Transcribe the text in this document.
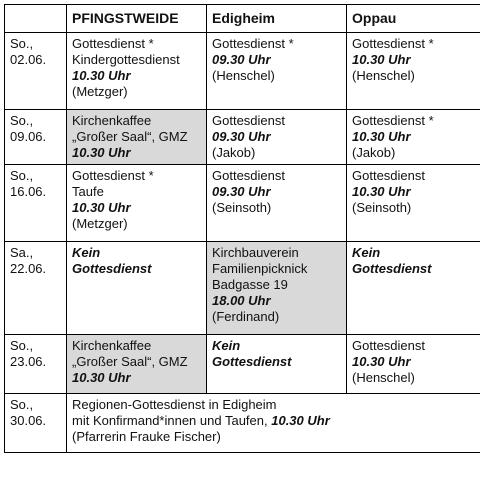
	PFINGSTWEIDE	Edigheim	Oppau

So.,
02.06.	Gottesdienst *
Kindergottesdienst
10.30 Uhr
(Metzger)	Gottesdienst *
09.30 Uhr
(Henschel)	Gottesdienst *
10.30 Uhr
(Henschel)

So.,
09.06.	Kirchenkaffee
„Großer Saal“, GMZ
10.30 Uhr	Gottesdienst
09.30 Uhr
(Jakob)	Gottesdienst *
10.30 Uhr
(Jakob)

So.,
16.06.	Gottesdienst *
Taufe
10.30 Uhr
(Metzger)	Gottesdienst
09.30 Uhr
(Seinsoth)	Gottesdienst
10.30 Uhr
(Seinsoth)

Sa.,
22.06.	Kein
Gottesdienst	Kirchbauverein
Familienpicknick
Badgasse 19
18.00 Uhr
(Ferdinand)	Kein
Gottesdienst

So.,
23.06.	Kirchenkaffee
„Großer Saal“, GMZ
10.30 Uhr	Kein
Gottesdienst	Gottesdienst
10.30 Uhr
(Henschel)

So.,
30.06.	Regionen-Gottesdienst in Edigheim
mit Konfirmand*innen und Taufen, 10.30 Uhr
(Pfarrerin Frauke Fischer)		
